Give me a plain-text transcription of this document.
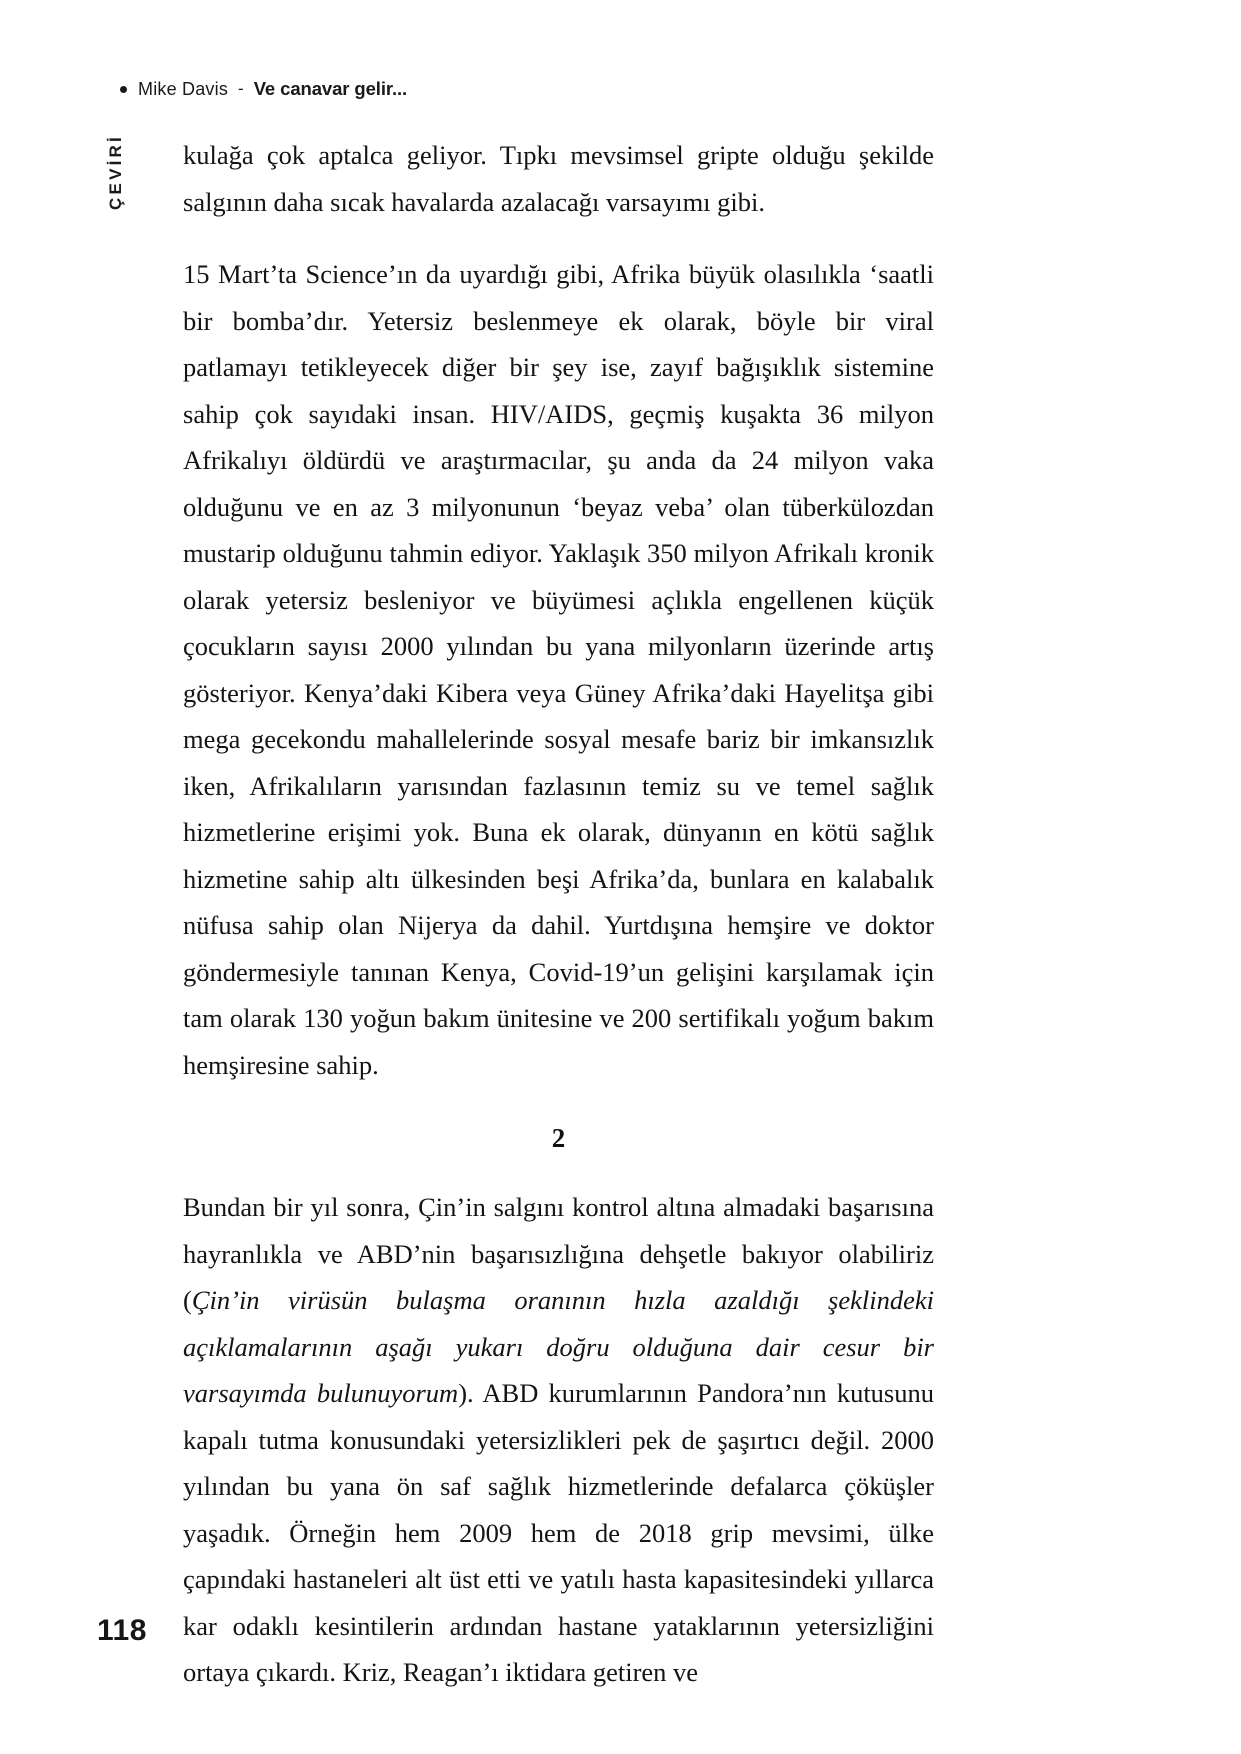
Mike Davis - Ve canavar gelir...
ÇEVİRİ kulağa çok aptalca geliyor. Tıpkı mevsimsel gripte olduğu şekilde salgının daha sıcak havalarda azalacağı varsayımı gibi.

15 Mart’ta Science’ın da uyardığı gibi, Afrika büyük olasılıkla ‘saatli bir bomba’dır. Yetersiz beslenmeye ek olarak, böyle bir viral patlamayı tetikleyecek diğer bir şey ise, zayıf bağışıklık sistemine sahip çok sayıdaki insan. HIV/AIDS, geçmiş kuşakta 36 milyon Afrikalıyı öldürdü ve araştırmacılar, şu anda da 24 milyon vaka olduğunu ve en az 3 milyonunun ‘beyaz veba’ olan tüberkülozdan mustarip olduğunu tahmin ediyor. Yaklaşık 350 milyon Afrikalı kronik olarak yetersiz besleniyor ve büyümesi açlıkla engellenen küçük çocukların sayısı 2000 yılından bu yana milyonların üzerinde artış gösteriyor. Kenya’daki Kibera veya Güney Afrika’daki Hayelitşa gibi mega gecekondu mahallelerinde sosyal mesafe bariz bir imkansızlık iken, Afrikalıların yarısından fazlasının temiz su ve temel sağlık hizmetlerine erişimi yok. Buna ek olarak, dünyanın en kötü sağlık hizmetine sahip altı ülkesinden beşi Afrika’da, bunlara en kalabalık nüfusa sahip olan Nijerya da dahil. Yurtdışına hemşire ve doktor göndermesiyle tanınan Kenya, Covid-19’un gelişini karşılamak için tam olarak 130 yoğun bakım ünitesine ve 200 sertifikalı yoğum bakım hemşiresine sahip.

2

Bundan bir yıl sonra, Çin’in salgını kontrol altına almadaki başarısına hayranlıkla ve ABD’nin başarısızlığına dehşetle bakıyor olabiliriz (Çin’in virüsün bulaşma oranının hızla azaldığı şeklindeki açıklamalarının aşağı yukarı doğru olduğuna dair cesur bir varsayımda bulunuyorum). ABD kurumlarının Pandora’nın kutusunu kapalı tutma konusundaki yetersizlikleri pek de şaşırtıcı değil. 2000 yılından bu yana ön saf sağlık hizmetlerinde defalarca çöküşler yaşadık. Örneğin hem 2009 hem de 2018 grip mevsimi, ülke çapındaki hastaneleri alt üst etti ve yatılı hasta kapasitesindeki yıllarca kar odaklı kesintilerin ardından hastane yataklarının yetersizliğini ortaya çıkardı. Kriz, Reagan’ı iktidara getiren ve

118
